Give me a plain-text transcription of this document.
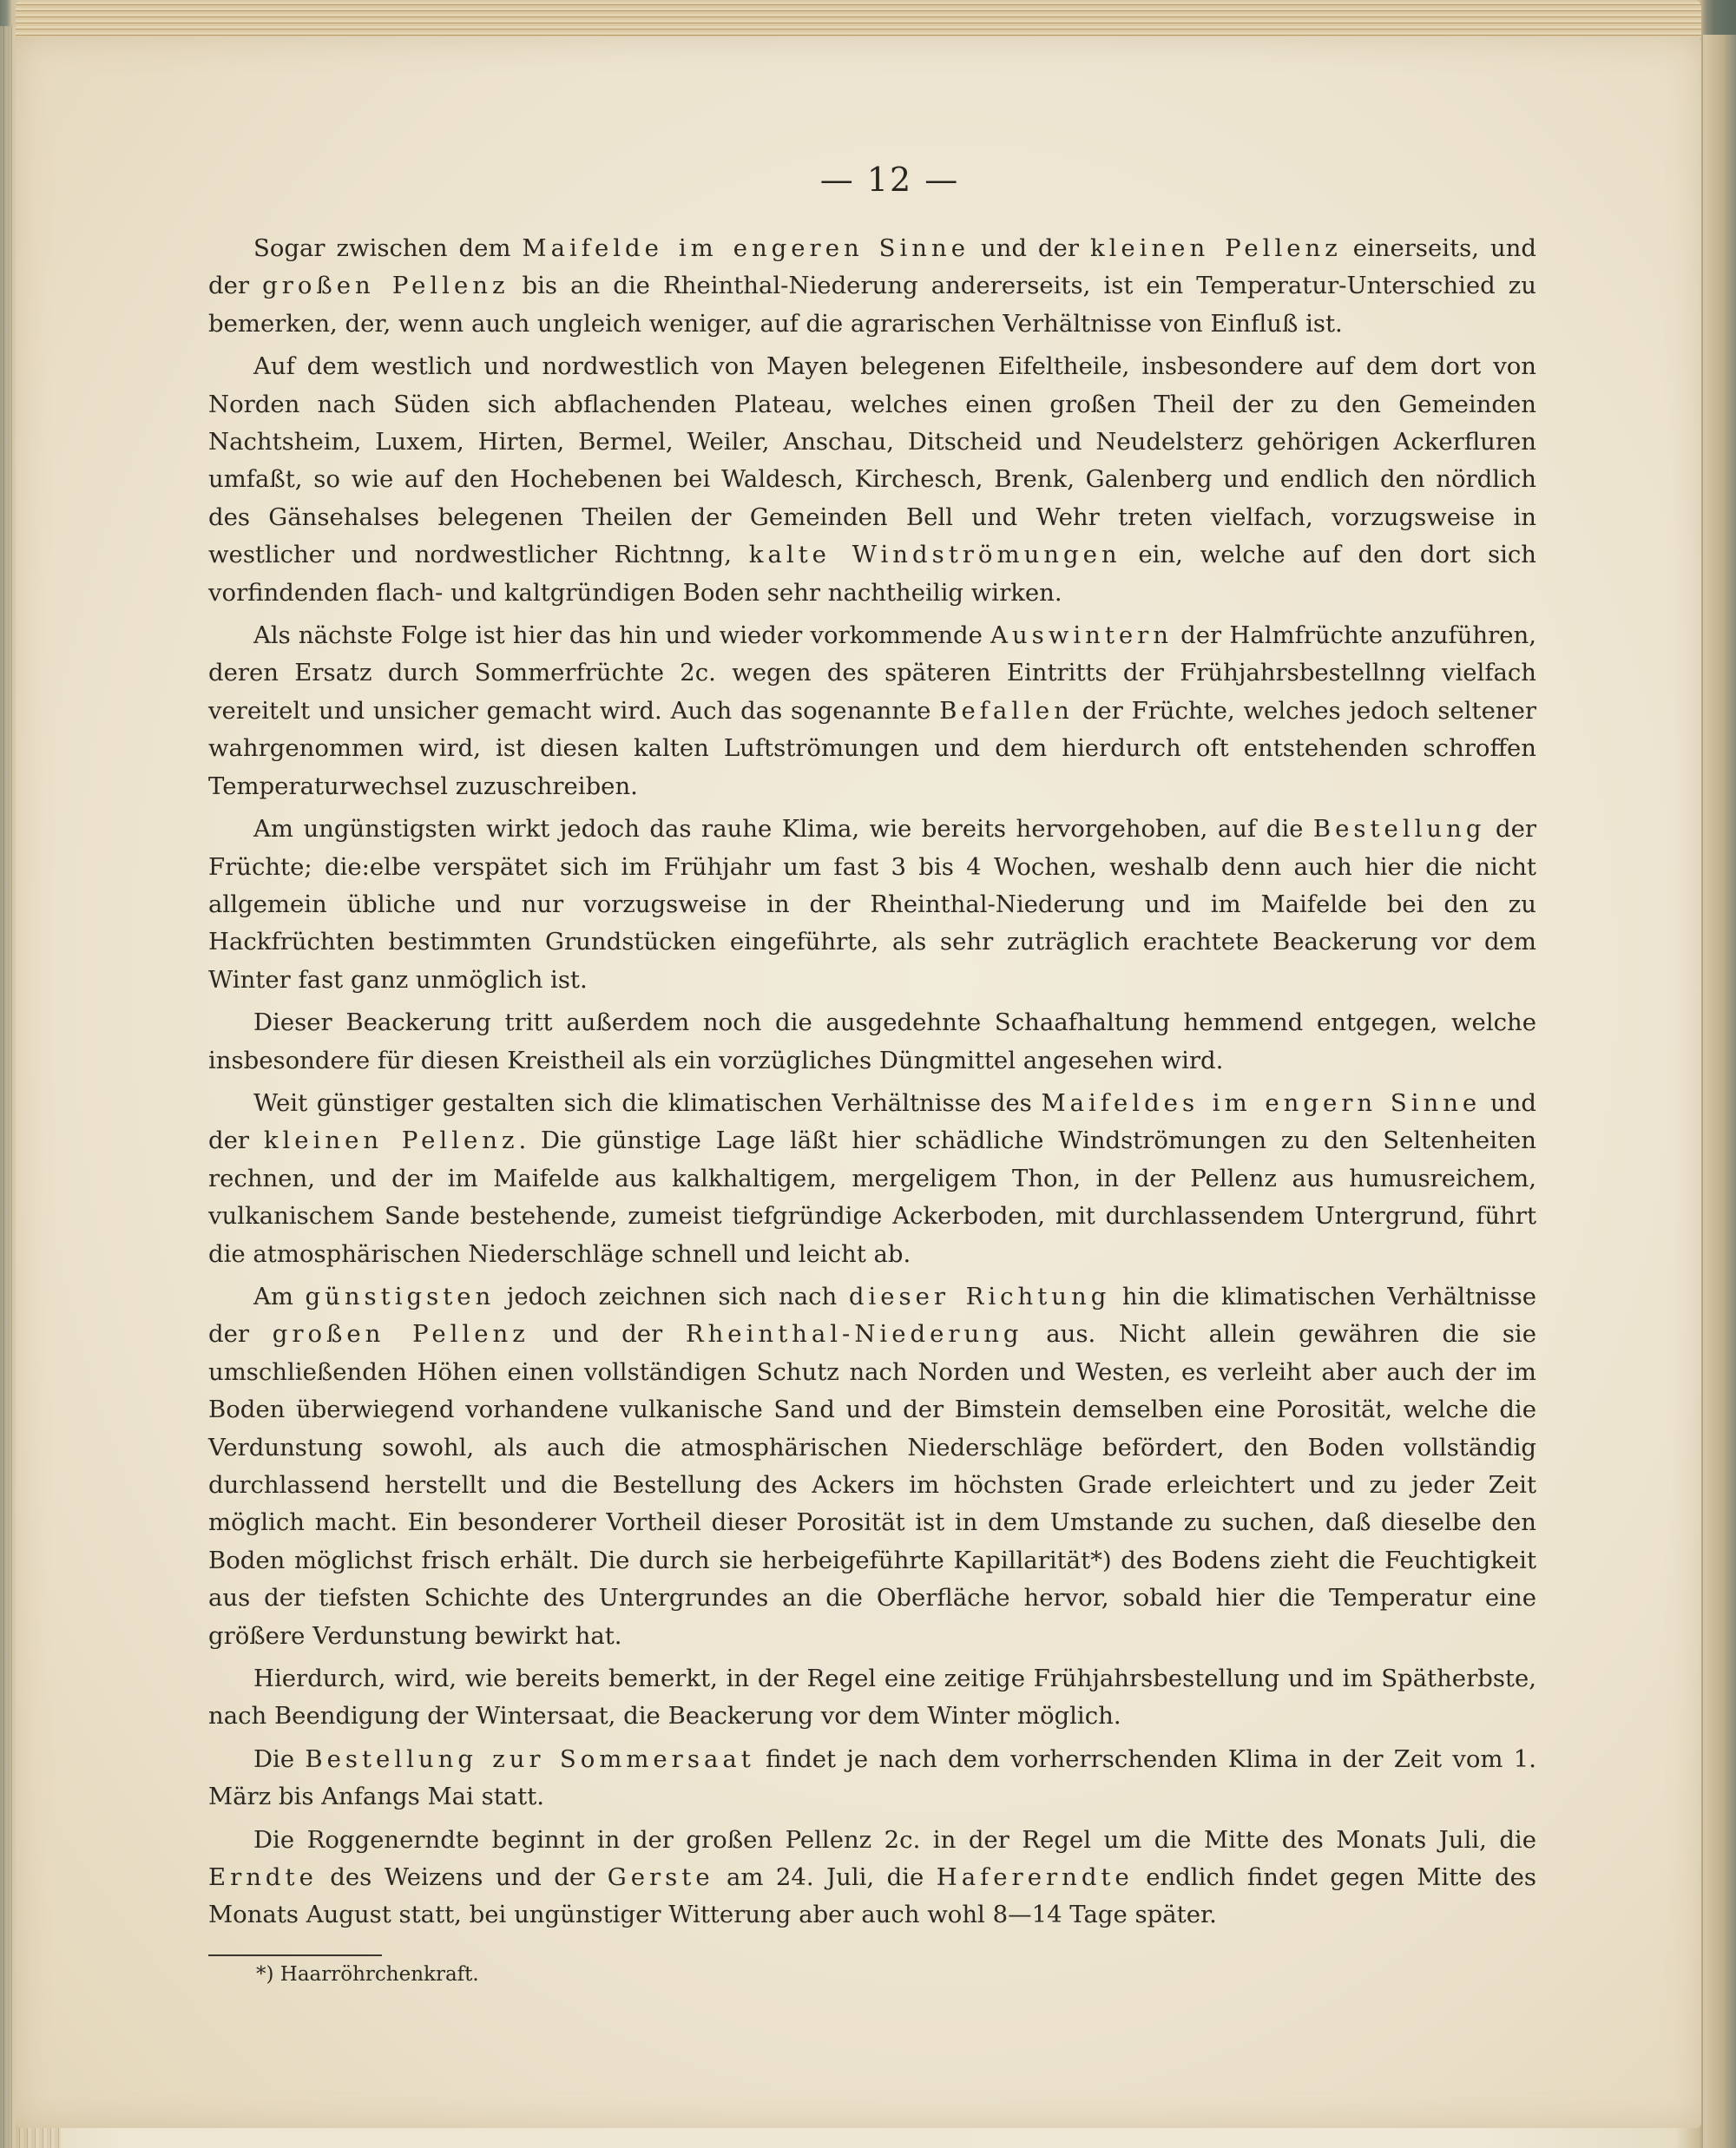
— 12 —

Sogar zwischen dem Maifelde im engeren Sinne und der kleinen Pellenz einerseits, und der großen Pellenz bis an die Rheinthal-Niederung andererseits, ist ein Temperatur-Unterschied zu bemerken, der, wenn auch ungleich weniger, auf die agrarischen Verhältnisse von Einfluß ist.

Auf dem westlich und nordwestlich von Mayen belegenen Eifeltheile, insbesondere auf dem dort von Norden nach Süden sich abflachenden Plateau, welches einen großen Theil der zu den Gemeinden Nachtsheim, Luxem, Hirten, Bermel, Weiler, Anschau, Ditscheid und Neudelsterz gehörigen Ackerfluren umfaßt, so wie auf den Hochebenen bei Waldesch, Kirchesch, Brenk, Galenberg und endlich den nördlich des Gänsehalses belegenen Theilen der Gemeinden Bell und Wehr treten vielfach, vorzugsweise in westlicher und nordwestlicher Richtnng, kalte Windströmungen ein, welche auf den dort sich vorfindenden flach- und kaltgründigen Boden sehr nachtheilig wirken.

Als nächste Folge ist hier das hin und wieder vorkommende Auswintern der Halmfrüchte anzuführen, deren Ersatz durch Sommerfrüchte 2c. wegen des späteren Eintritts der Frühjahrsbestellnng vielfach vereitelt und unsicher gemacht wird. Auch das sogenannte Befallen der Früchte, welches jedoch seltener wahrgenommen wird, ist diesen kalten Luftströmungen und dem hierdurch oft entstehenden schroffen Temperaturwechsel zuzuschreiben.

Am ungünstigsten wirkt jedoch das rauhe Klima, wie bereits hervorgehoben, auf die Bestellung der Früchte; die:elbe verspätet sich im Frühjahr um fast 3 bis 4 Wochen, weshalb denn auch hier die nicht allgemein übliche und nur vorzugsweise in der Rheinthal-Niederung und im Maifelde bei den zu Hackfrüchten bestimmten Grundstücken eingeführte, als sehr zuträglich erachtete Beackerung vor dem Winter fast ganz unmöglich ist.

Dieser Beackerung tritt außerdem noch die ausgedehnte Schaafhaltung hemmend entgegen, welche insbesondere für diesen Kreistheil als ein vorzügliches Düngmittel angesehen wird.

Weit günstiger gestalten sich die klimatischen Verhältnisse des Maifeldes im engern Sinne und der kleinen Pellenz. Die günstige Lage läßt hier schädliche Windströmungen zu den Seltenheiten rechnen, und der im Maifelde aus kalkhaltigem, mergeligem Thon, in der Pellenz aus humusreichem, vulkanischem Sande bestehende, zumeist tiefgründige Ackerboden, mit durchlassendem Untergrund, führt die atmosphärischen Niederschläge schnell und leicht ab.

Am günstigsten jedoch zeichnen sich nach dieser Richtung hin die klimatischen Verhältnisse der großen Pellenz und der Rheinthal-Niederung aus. Nicht allein gewähren die sie umschließenden Höhen einen vollständigen Schutz nach Norden und Westen, es verleiht aber auch der im Boden überwiegend vorhandene vulkanische Sand und der Bimstein demselben eine Porosität, welche die Verdunstung sowohl, als auch die atmosphärischen Niederschläge befördert, den Boden vollständig durchlassend herstellt und die Bestellung des Ackers im höchsten Grade erleichtert und zu jeder Zeit möglich macht. Ein besonderer Vortheil dieser Porosität ist in dem Umstande zu suchen, daß dieselbe den Boden möglichst frisch erhält. Die durch sie herbeigeführte Kapillarität*) des Bodens zieht die Feuchtigkeit aus der tiefsten Schichte des Untergrundes an die Oberfläche hervor, sobald hier die Temperatur eine größere Verdunstung bewirkt hat.

Hierdurch, wird, wie bereits bemerkt, in der Regel eine zeitige Frühjahrsbestellung und im Spätherbste, nach Beendigung der Wintersaat, die Beackerung vor dem Winter möglich.

Die Bestellung zur Sommersaat findet je nach dem vorherrschenden Klima in der Zeit vom 1. März bis Anfangs Mai statt.

Die Roggenerndte beginnt in der großen Pellenz 2c. in der Regel um die Mitte des Monats Juli, die Erndte des Weizens und der Gerste am 24. Juli, die Hafererndte endlich findet gegen Mitte des Monats August statt, bei ungünstiger Witterung aber auch wohl 8—14 Tage später.

*) Haarröhrchenkraft.
